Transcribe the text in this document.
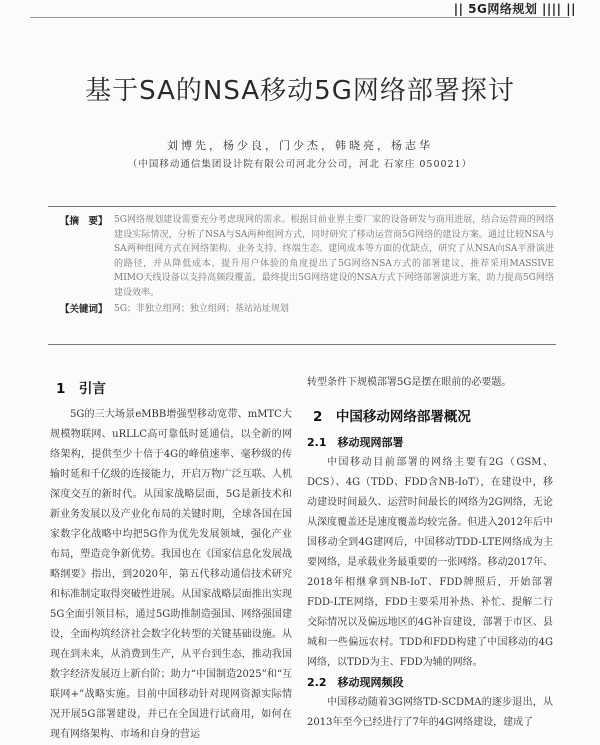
|| 5G网络规划 |||| ||
基于SA的NSA移动5G网络部署探讨
刘博先，杨少良，门少杰，韩晓亮，杨志华
（中国移动通信集团设计院有限公司河北分公司，河北 石家庄 050021）
【摘　要】 5G网络规划建设需要充分考虑现网的需求。根据目前业界主要厂家的设备研发与商用进展，结合运营商的网络建设实际情况，分析了NSA与SA两种组网方式，同时研究了移动运营商5G网络的建设方案。通过比较NSA与SA两种组网方式在网络架构、业务支持、终端生态、建网成本等方面的优缺点，研究了从NSA向SA平滑演进的路径，并从降低成本、提升用户体验的角度提出了5G网络NSA方式的部署建议，推荐采用MASSIVE MIMO天线设备以支持高频段覆盖，最终提出5G网络建设的NSA方式下网络部署演进方案，助力提高5G网络建设效率。
【关键词】 5G；非独立组网；独立组网；基站站址规划
1　引言

5G的三大场景eMBB增强型移动宽带、mMTC大规模物联网、uRLLC高可靠低时延通信，以全新的网络架构，提供至少十倍于4G的峰值速率、毫秒级的传输时延和千亿级的连接能力，开启万物广泛互联、人机深度交互的新时代。从国家战略层面，5G是新技术和新业务发展以及产业化布局的关键时期，全球各国在国家数字化战略中均把5G作为优先发展领域，强化产业布局，塑造竞争新优势。我国也在《国家信息化发展战略纲要》指出，到2020年，第五代移动通信技术研究和标准制定取得突破性进展。从国家战略层面推出实现5G全面引领目标，通过5G助推制造强国、网络强国建设，全面构筑经济社会数字化转型的关键基础设施。从现在到未来，从消费到生产，从平台到生态，推动我国数字经济发展迈上新台阶；助力“中国制造2025”和“互联网+”战略实施。目前中国移动针对现网资源实际情况开展5G部署建设，并已在全国进行试商用，如何在现有网络架构、市场和自身的营运

转型条件下规模部署5G是摆在眼前的必要题。

2　中国移动网络部署概况
2.1　移动现网部署

中国移动目前部署的网络主要有2G（GSM、DCS）、4G（TDD、FDD含NB-IoT），在建设中，移动建设时间最久、运营时间最长的网络为2G网络，无论从深度覆盖还是速度覆盖均较完备。但进入2012年后中国移动全到4G建网后，中国移动TDD-LTE网络成为主要网络，是承载业务最重要的一张网络。移动2017年、2018年相继拿到NB-IoT、FDD牌照后，开始部署FDD-LTE网络，FDD主要采用补热、补忙、提解二行交际情况以及偏远地区的4G补盲建设，部署于市区、县城和一些偏远农村。TDD和FDD构建了中国移动的4G网络，以TDD为主、FDD为辅的网络。

2.2　移动现网频段

中国移动随着3G网络TD-SCDMA的逐步退出，从2013年至今已经进行了7年的4G网络建设，建成了
